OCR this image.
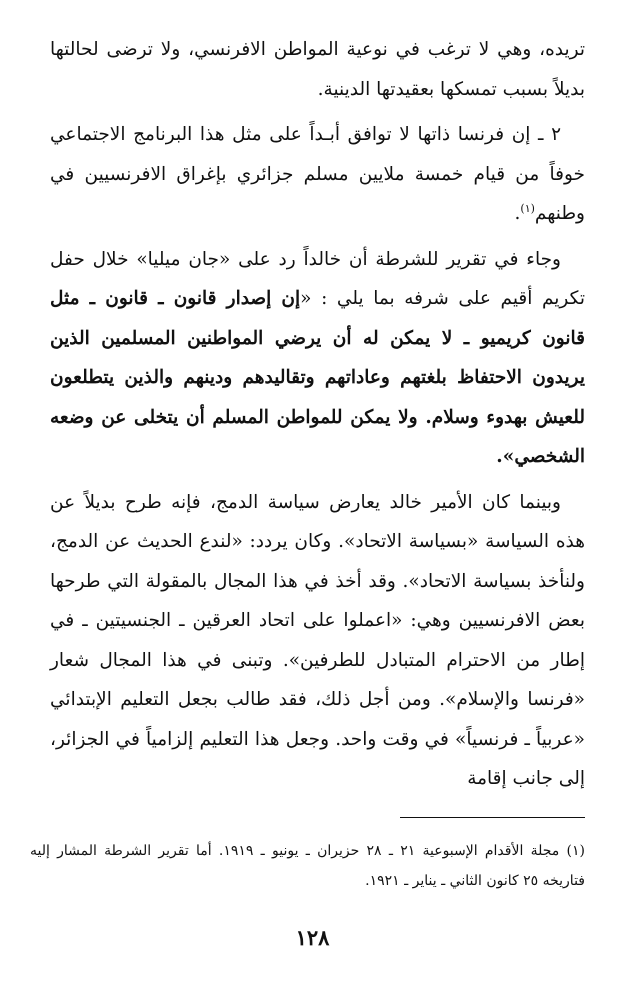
تريده، وهي لا ترغب في نوعية المواطن الافرنسي، ولا ترضى لحالتها بديلاً بسبب تمسكها بعقيدتها الدينية.

٢ ـ إن فرنسا ذاتها لا توافق أبـداً على مثل هذا البرنامج الاجتماعي خوفاً من قيام خمسة ملايين مسلم جزائري بإغراق الافرنسيين في وطنهم$^{(١)}$.

وجاء في تقرير للشرطة أن خالداً رد على «جان ميليا» خلال حفل تكريم أقيم على شرفه بما يلي : «إن إصدار قانون ـ قانون ـ مثل قانون كريميو ـ لا يمكن له أن يرضي المواطنين المسلمين الذين يريدون الاحتفاظ بلغتهم وعاداتهم وتقاليدهم ودينهم والذين يتطلعون للعيش بهدوء وسلام. ولا يمكن للمواطن المسلم أن يتخلى عن وضعه الشخصي».

وبينما كان الأمير خالد يعارض سياسة الدمج، فإنه طرح بديلاً عن هذه السياسة «بسياسة الاتحاد». وكان يردد: «لندع الحديث عن الدمج، ولنأخذ بسياسة الاتحاد». وقد أخذ في هذا المجال بالمقولة التي طرحها بعض الافرنسيين وهي: «اعملوا على اتحاد العرقين ـ الجنسيتين ـ في إطار من الاحترام المتبادل للطرفين». وتبنى في هذا المجال شعار «فرنسا والإسلام». ومن أجل ذلك، فقد طالب بجعل التعليم الإبتدائي «عربياً ـ فرنسياً» في وقت واحد. وجعل هذا التعليم إلزامياً في الجزائر، إلى جانب إقامة

(١) مجلة الأقدام الإسبوعية ٢١ ـ ٢٨ حزيران ـ يونيو ـ ١٩١٩. أما تقرير الشرطة المشار إليه فتاريخه ٢٥ كانون الثاني ـ يناير ـ ١٩٢١.

١٢٨
